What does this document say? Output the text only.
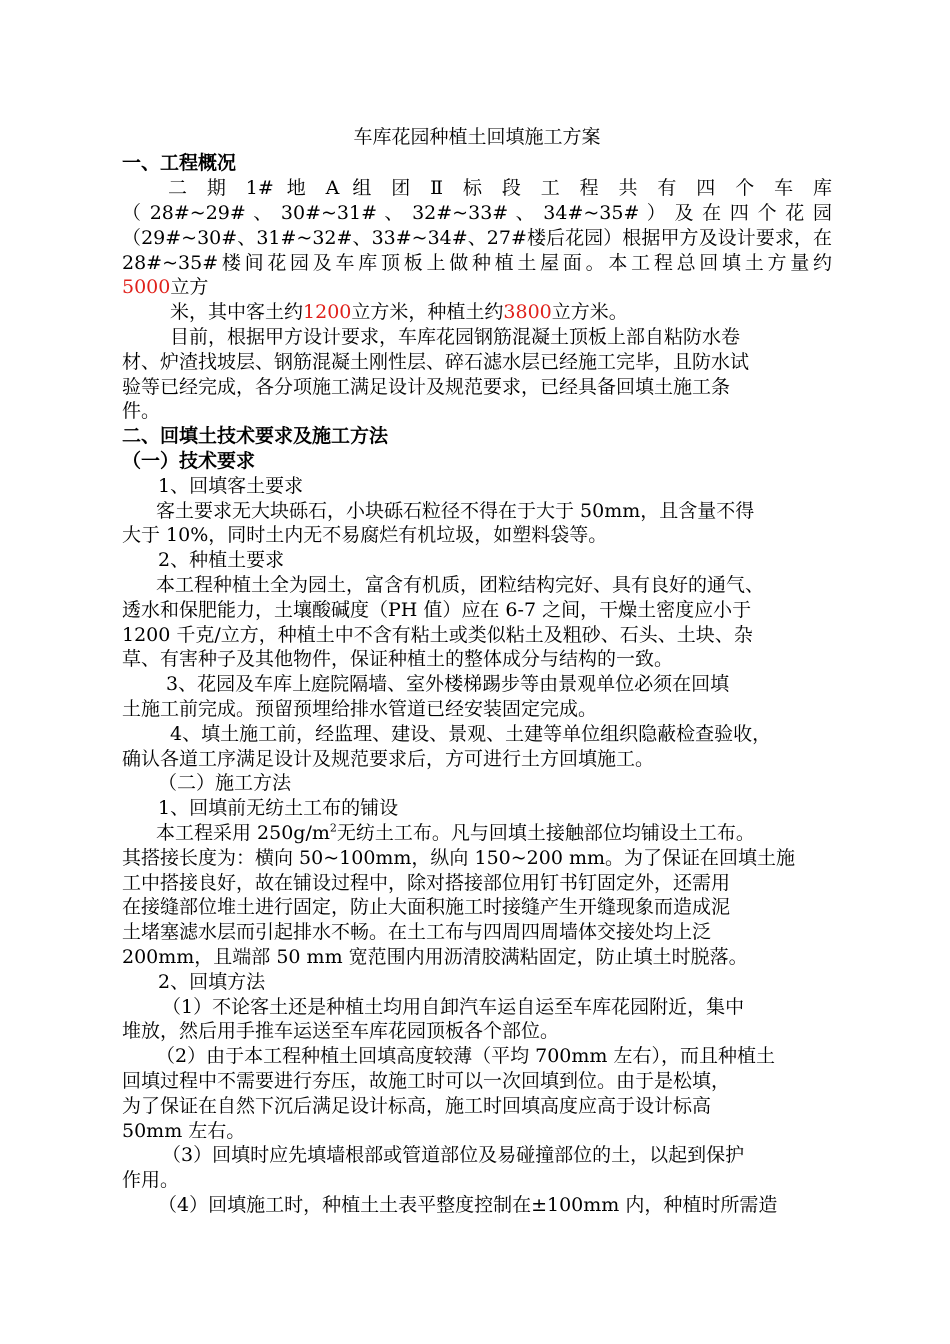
车库花园种植土回填施工方案
一、工程概况
二 期 1# 地 A 组 团 Ⅱ 标 段 工 程 共 有 四 个 车 库
（ 28#~29# 、 30#~31# 、 32#~33# 、 34#~35# ） 及 在 四 个 花 园
（29#~30#、31#~32#、33#~34#、27#楼后花园）根据甲方及设计要求，在
28#~35#楼间花园及车库顶板上做种植土屋面。本工程总回填土方量约
5000立方
米，其中客土约1200立方米，种植土约3800立方米。
目前，根据甲方设计要求，车库花园钢筋混凝土顶板上部自粘防水卷
材、炉渣找坡层、钢筋混凝土刚性层、碎石滤水层已经施工完毕，且防水试
验等已经完成，各分项施工满足设计及规范要求，已经具备回填土施工条
件。
二、回填土技术要求及施工方法
（一）技术要求
1、回填客土要求
客土要求无大块砾石，小块砾石粒径不得在于大于 50mm，且含量不得
大于 10%，同时土内无不易腐烂有机垃圾，如塑料袋等。
2、种植土要求
本工程种植土全为园土，富含有机质，团粒结构完好、具有良好的通气、
透水和保肥能力，土壤酸碱度（PH 值）应在 6-7 之间，干燥土密度应小于
1200 千克/立方，种植土中不含有粘土或类似粘土及粗砂、石头、土块、杂
草、有害种子及其他物件，保证种植土的整体成分与结构的一致。
3、花园及车库上庭院隔墙、室外楼梯踢步等由景观单位必须在回填
土施工前完成。预留预埋给排水管道已经安装固定完成。
4、填土施工前，经监理、建设、景观、土建等单位组织隐蔽检查验收，
确认各道工序满足设计及规范要求后，方可进行土方回填施工。
（二）施工方法
1、回填前无纺土工布的铺设
本工程采用 $250g/m^2$无纺土工布。凡与回填土接触部位均铺设土工布。
其搭接长度为：横向 50~100mm，纵向 150~200 mm。为了保证在回填土施
工中搭接良好，故在铺设过程中，除对搭接部位用钉书钉固定外，还需用
在接缝部位堆土进行固定，防止大面积施工时接缝产生开缝现象而造成泥
土堵塞滤水层而引起排水不畅。在土工布与四周四周墙体交接处均上泛
200mm，且端部 50 mm 宽范围内用沥清胶满粘固定，防止填土时脱落。
2、回填方法
（1）不论客土还是种植土均用自卸汽车运自运至车库花园附近，集中
堆放，然后用手推车运送至车库花园顶板各个部位。
（2）由于本工程种植土回填高度较薄（平均 700mm 左右），而且种植土
回填过程中不需要进行夯压，故施工时可以一次回填到位。由于是松填，
为了保证在自然下沉后满足设计标高，施工时回填高度应高于设计标高
50mm 左右。
（3）回填时应先填墙根部或管道部位及易碰撞部位的土，以起到保护
作用。
（4）回填施工时，种植土土表平整度控制在±100mm 内，种植时所需造
